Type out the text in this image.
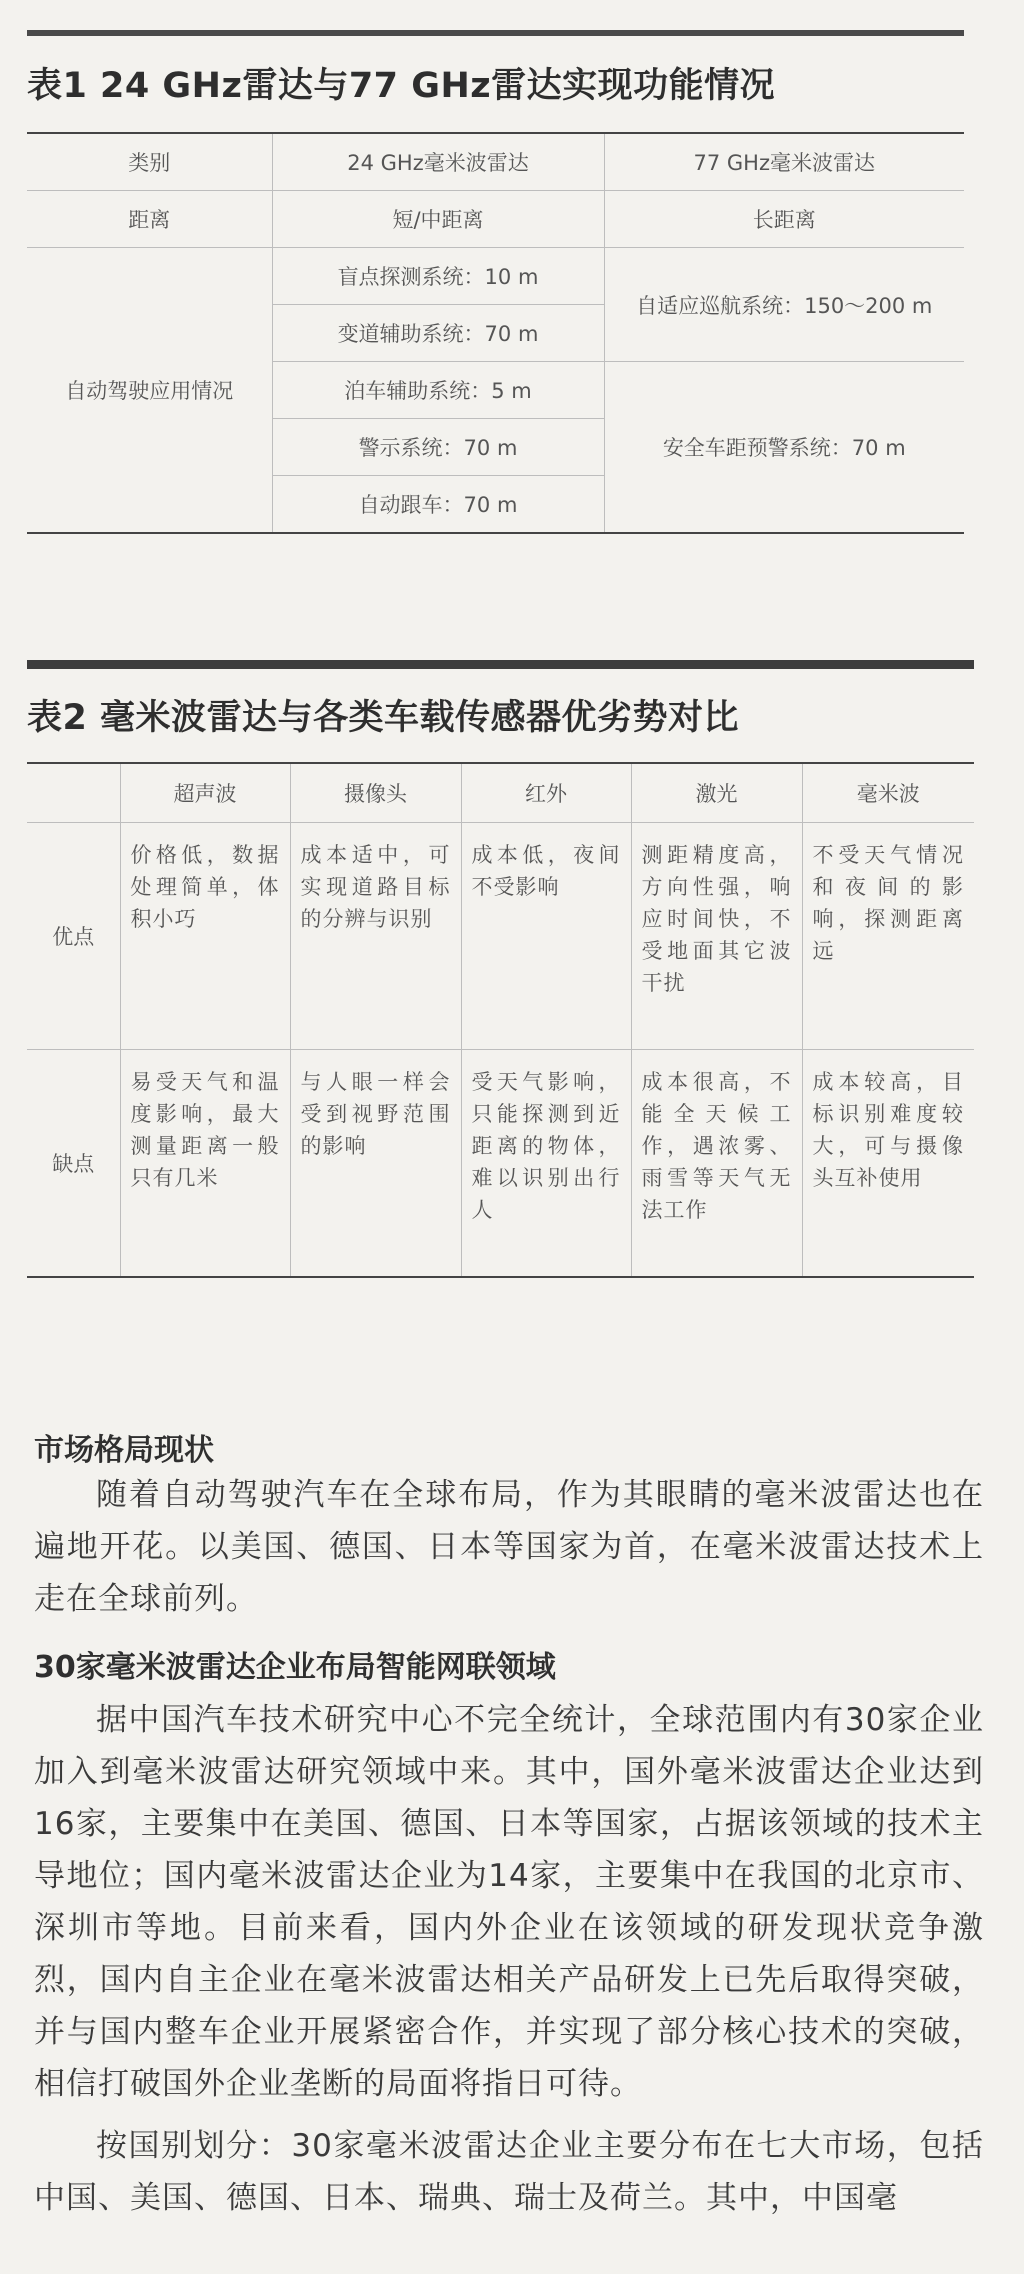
表1 24 GHz雷达与77 GHz雷达实现功能情况
类别	24 GHz毫米波雷达	77 GHz毫米波雷达
距离	短/中距离	长距离
自动驾驶应用情况	盲点探测系统：10 m	自适应巡航系统：150～200 m
	变道辅助系统：70 m	
	泊车辅助系统：5 m	安全车距预警系统：70 m
	警示系统：70 m	
	自动跟车：70 m	
表2 毫米波雷达与各类车载传感器优劣势对比
	超声波	摄像头	红外	激光	毫米波
优点	价格低，数据处理简单，体积小巧	成本适中，可实现道路目标的分辨与识别	成本低，夜间不受影响	测距精度高，方向性强，响应时间快，不受地面其它波干扰	不受天气情况和夜间的影响，探测距离远
缺点	易受天气和温度影响，最大测量距离一般只有几米	与人眼一样会受到视野范围的影响	受天气影响，只能探测到近距离的物体，难以识别出行人	成本很高，不能全天候工作，遇浓雾、雨雪等天气无法工作	成本较高，目标识别难度较大，可与摄像头互补使用
市场格局现状

随着自动驾驶汽车在全球布局，作为其眼睛的毫米波雷达也在遍地开花。以美国、德国、日本等国家为首，在毫米波雷达技术上走在全球前列。

30家毫米波雷达企业布局智能网联领域

据中国汽车技术研究中心不完全统计，全球范围内有30家企业加入到毫米波雷达研究领域中来。其中，国外毫米波雷达企业达到16家，主要集中在美国、德国、日本等国家，占据该领域的技术主导地位；国内毫米波雷达企业为14家，主要集中在我国的北京市、深圳市等地。目前来看，国内外企业在该领域的研发现状竞争激烈，国内自主企业在毫米波雷达相关产品研发上已先后取得突破，并与国内整车企业开展紧密合作，并实现了部分核心技术的突破，相信打破国外企业垄断的局面将指日可待。

按国别划分：30家毫米波雷达企业主要分布在七大市场，包括中国、美国、德国、日本、瑞典、瑞士及荷兰。其中，中国毫
